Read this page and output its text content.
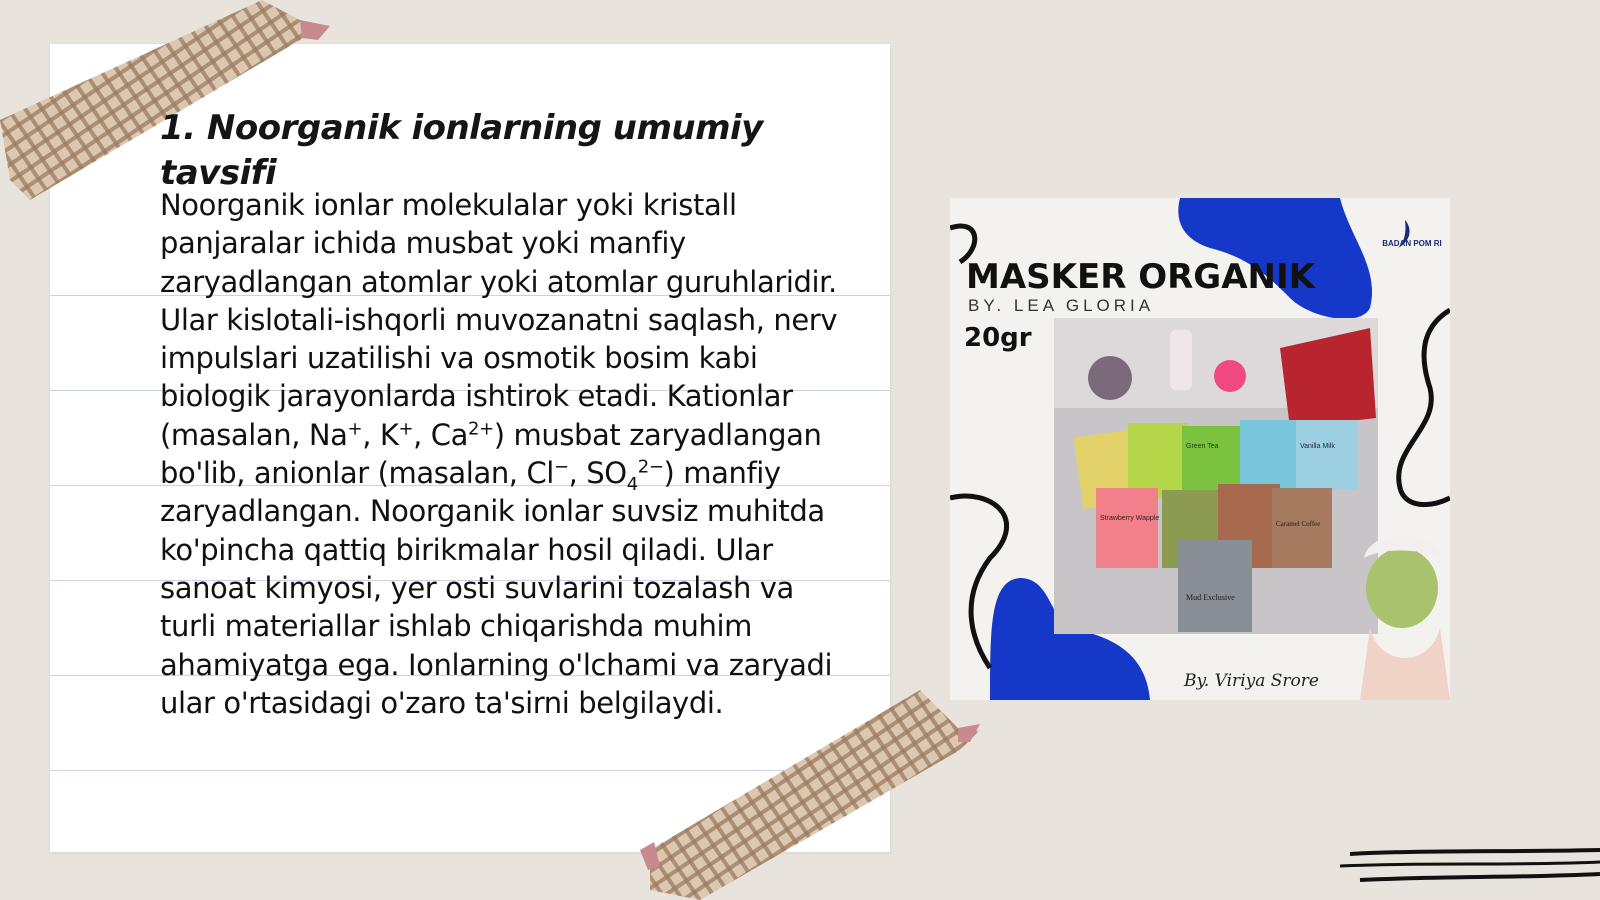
1. Noorganik ionlarning umumiy tavsifi
Noorganik ionlar molekulalar yoki kristall panjaralar ichida musbat yoki manfiy zaryadlangan atomlar yoki atomlar guruhlaridir. Ular kislotali-ishqorli muvozanatni saqlash, nerv impulslari uzatilishi va osmotik bosim kabi biologik jarayonlarda ishtirok etadi. Kationlar (masalan, Na+, K+, $Ca^{2+}$) musbat zaryadlangan bo'lib, anionlar (masalan, Cl−, $SO_4^{2-}$) manfiy zaryadlangan. Noorganik ionlar suvsiz muhitda ko'pincha qattiq birikmalar hosil qiladi. Ular sanoat kimyosi, yer osti suvlarini tozalash va turli materiallar ishlab chiqarishda muhim ahamiyatga ega. Ionlarning o'lchami va zaryadi ular o'rtasidagi o'zaro ta'sirni belgilaydi.
BADAN POM RI
MASKER ORGANIK
BY. LEA GLORIA
20gr
By. Viriya Srore
Strawberry Wapple
Mud Exclusive
Caramel Coffee
Green Tea	Vanilla Milk
